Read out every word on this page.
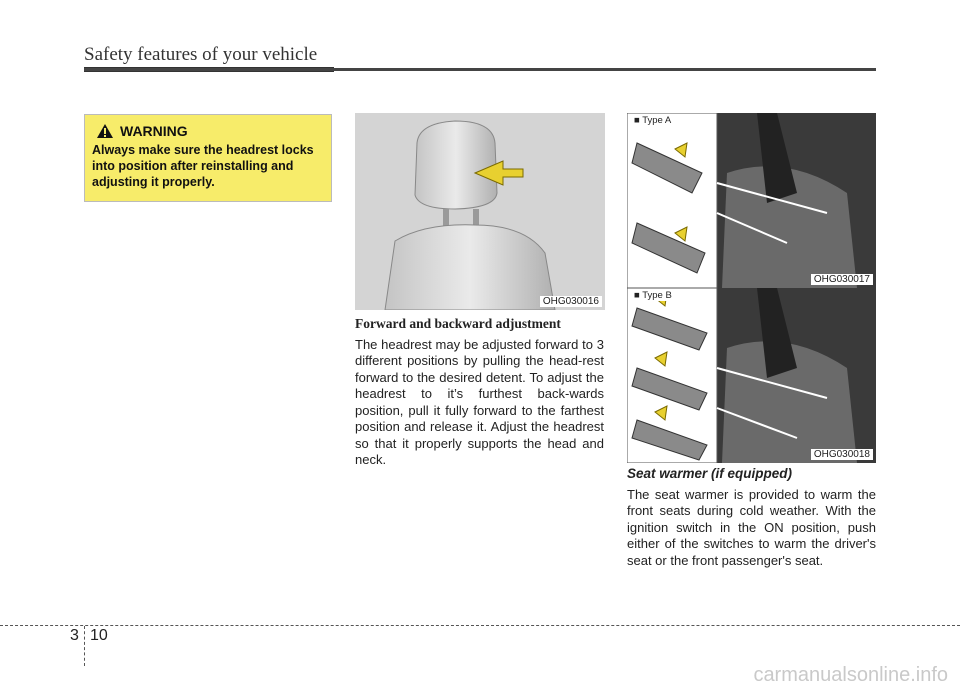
Safety features of your vehicle
WARNING
Always make sure the headrest locks into position after reinstalling and adjusting it properly.
OHG030016
Forward and backward adjustment
The headrest may be adjusted forward to 3 different positions by pulling the head-rest forward to the desired detent. To adjust the headrest to it’s furthest back-wards position, pull it fully forward to the farthest position and release it. Adjust the headrest so that it properly supports the head and neck.
■ Type A
OHG030017
■ Type B
OHG030018
Seat warmer (if equipped)
The seat warmer is provided to warm the front seats during cold weather. With the ignition switch in the ON position, push either of the switches to warm the driver's seat or the front passenger's seat.
3 10
carmanualsonline.info
